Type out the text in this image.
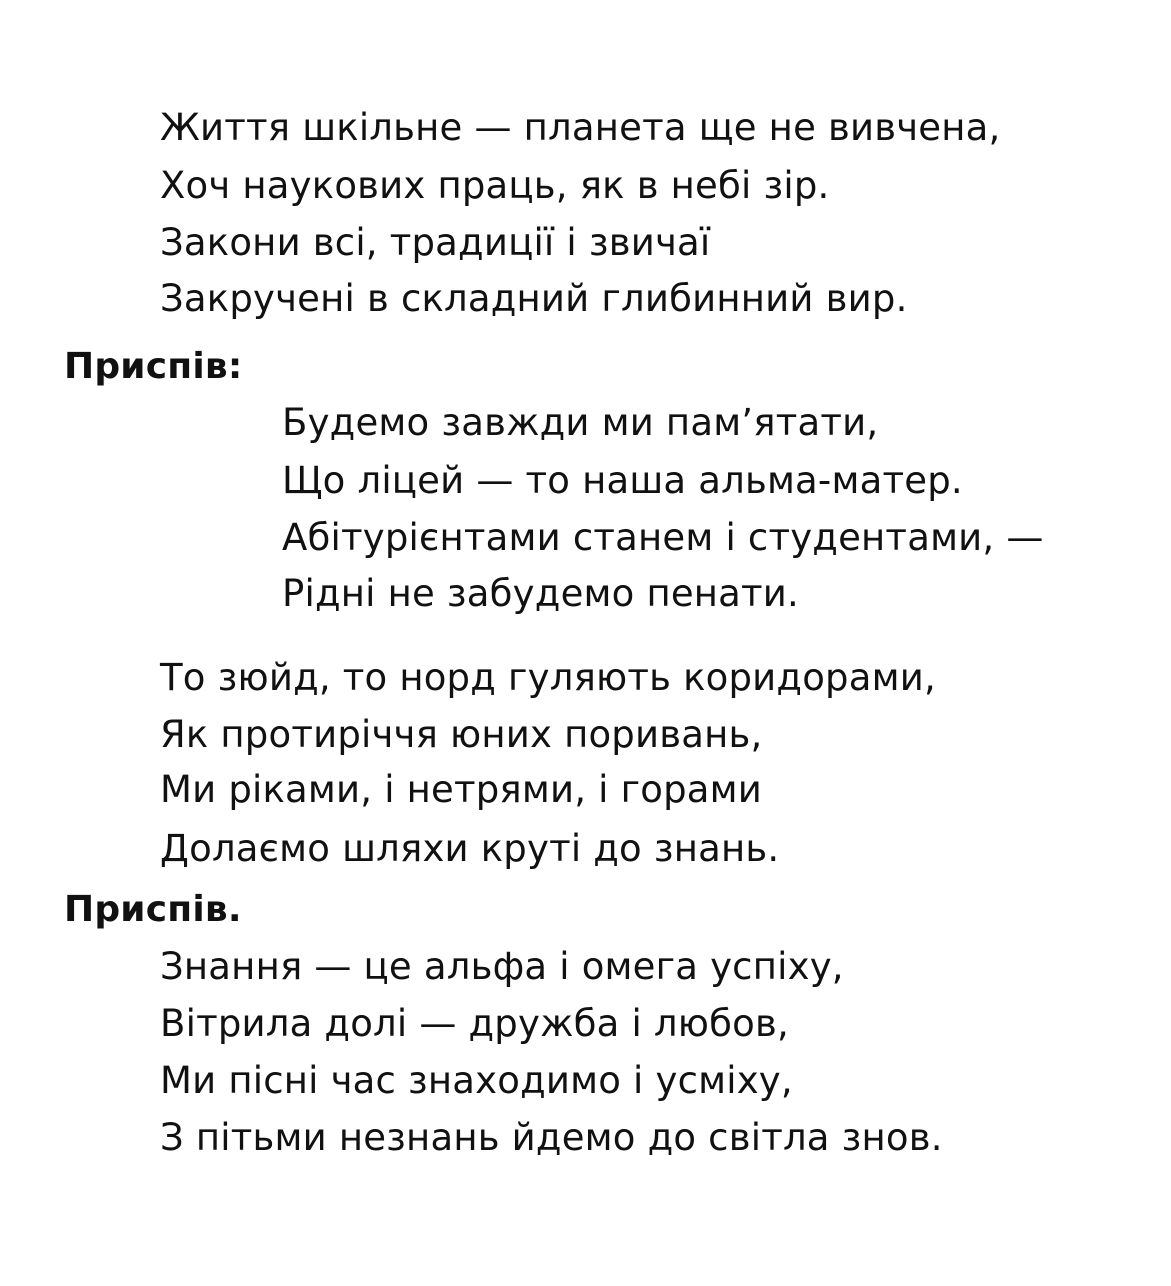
Життя шкільне — планета ще не вивчена,
Хоч наукових праць, як в небі зір.
Закони всі, традиції і звичаї
Закручені в складний глибинний вир.
Приспів:
Будемо завжди ми пам’ятати,
Що ліцей — то наша альма-матер.
Абітурієнтами станем і студентами, —
Рідні не забудемо пенати.
То зюйд, то норд гуляють коридорами,
Як протиріччя юних поривань,
Ми ріками, і нетрями, і горами
Долаємо шляхи круті до знань.
Приспів.
Знання — це альфа і омега успіху,
Вітрила долі — дружба і любов,
Ми пісні час знаходимо і усміху,
З пітьми незнань йдемо до світла знов.
